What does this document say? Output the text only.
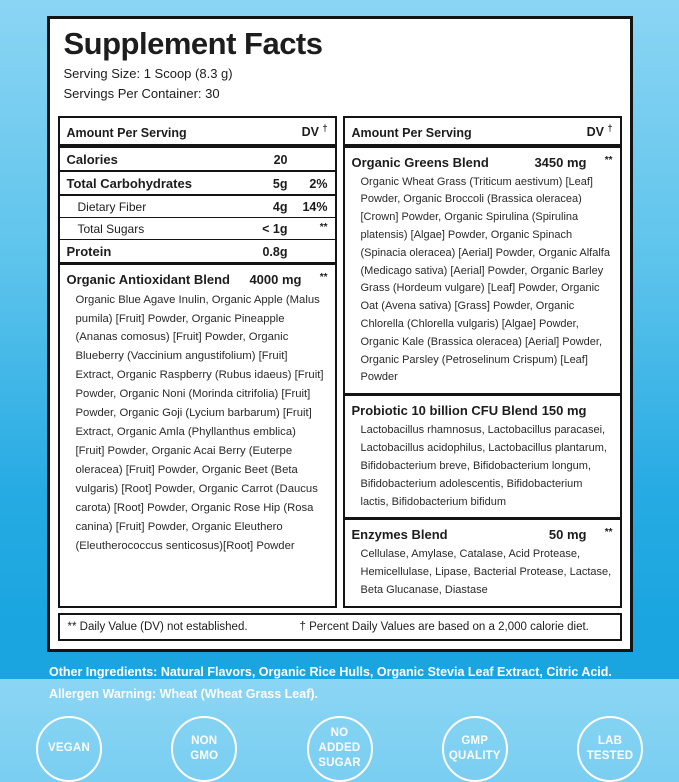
Supplement Facts
Serving Size: 1 Scoop (8.3 g)
Servings Per Container: 30
Amount Per Serving	DV †
Calories	20
Total Carbohydrates	5g	2%
Dietary Fiber	4g	14%
Total Sugars	< 1g	**
Protein	0.8g
Organic Antioxidant Blend	4000 mg	**
Organic Blue Agave Inulin, Organic Apple (Malus pumila) [Fruit] Powder, Organic Pineapple (Ananas comosus) [Fruit] Powder, Organic Blueberry (Vaccinium angustifolium) [Fruit] Extract, Organic Raspberry (Rubus idaeus) [Fruit] Powder, Organic Noni (Morinda citrifolia) [Fruit] Powder, Organic Goji (Lycium barbarum) [Fruit] Extract, Organic Amla (Phyllanthus emblica) [Fruit] Powder, Organic Acai Berry (Euterpe oleracea) [Fruit] Powder, Organic Beet (Beta vulgaris) [Root] Powder, Organic Carrot (Daucus carota) [Root] Powder, Organic Rose Hip (Rosa canina) [Fruit] Powder, Organic Eleuthero (Eleutherococcus senticosus)[Root] Powder
Amount Per Serving	DV †
Organic Greens Blend	3450 mg	**
Organic Wheat Grass (Triticum aestivum) [Leaf] Powder, Organic Broccoli (Brassica oleracea) [Crown] Powder, Organic Spirulina (Spirulina platensis) [Algae] Powder, Organic Spinach (Spinacia oleracea) [Aerial] Powder, Organic Alfalfa (Medicago sativa) [Aerial] Powder, Organic Barley Grass (Hordeum vulgare) [Leaf] Powder, Organic Oat (Avena sativa) [Grass] Powder, Organic Chlorella (Chlorella vulgaris) [Algae] Powder, Organic Kale (Brassica oleracea) [Aerial] Powder, Organic Parsley (Petroselinum Crispum) [Leaf] Powder
Probiotic 10 billion CFU Blend 150 mg
Lactobacillus rhamnosus, Lactobacillus paracasei, Lactobacillus acidophilus, Lactobacillus plantarum, Bifidobacterium breve, Bifidobacterium longum, Bifidobacterium adolescentis, Bifidobacterium lactis, Bifidobacterium bifidum
Enzymes Blend	50 mg	**
Cellulase, Amylase, Catalase, Acid Protease, Hemicellulase, Lipase, Bacterial Protease, Lactase, Beta Glucanase, Diastase
** Daily Value (DV) not established.	† Percent Daily Values are based on a 2,000 calorie diet.
Other Ingredients: Natural Flavors, Organic Rice Hulls, Organic Stevia Leaf Extract, Citric Acid.
Allergen Warning: Wheat (Wheat Grass Leaf).
VEGAN
NON
GMO
NO ADDED
SUGAR
GMP
QUALITY
LAB
TESTED
